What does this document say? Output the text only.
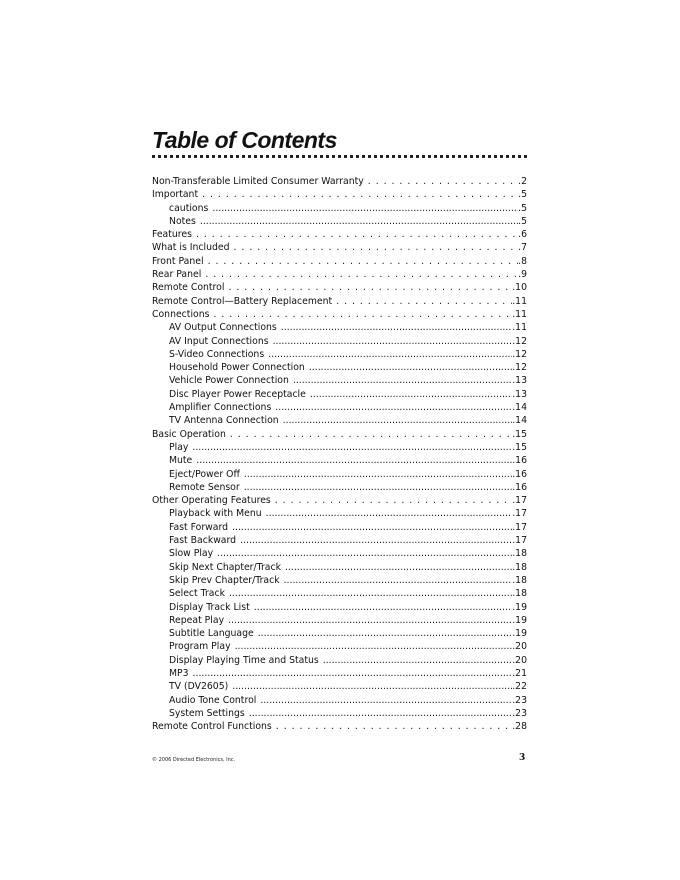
Table of Contents
Non-Transferable Limited Consumer Warranty . . .	.2
Important . . .	.5
cautions .....	.5
Notes .....	.5
Features . . .	.6
What is Included . . .	.7
Front Panel . . .	.8
Rear Panel . . .	.9
Remote Control . . .	.10
Remote Control—Battery Replacement . . .	.11
Connections . . .	.11
AV Output Connections .....	.11
AV Input Connections .....	.12
S-Video Connections .....	.12
Household Power Connection .....	.12
Vehicle Power Connection .....	.13
Disc Player Power Receptacle .....	.13
Amplifier Connections .....	.14
TV Antenna Connection .....	.14
Basic Operation . . .	.15
Play .....	.15
Mute .....	.16
Eject/Power Off .....	.16
Remote Sensor .....	.16
Other Operating Features . . .	.17
Playback with Menu .....	.17
Fast Forward .....	.17
Fast Backward .....	.17
Slow Play .....	.18
Skip Next Chapter/Track .....	.18
Skip Prev Chapter/Track .....	.18
Select Track .....	.18
Display Track List .....	.19
Repeat Play .....	.19
Subtitle Language .....	.19
Program Play .....	.20
Display Playing Time and Status .....	.20
MP3 .....	.21
TV (DV2605) .....	.22
Audio Tone Control .....	.23
System Settings .....	.23
Remote Control Functions . . .	.28
© 2006 Directed Electronics, Inc.	3
